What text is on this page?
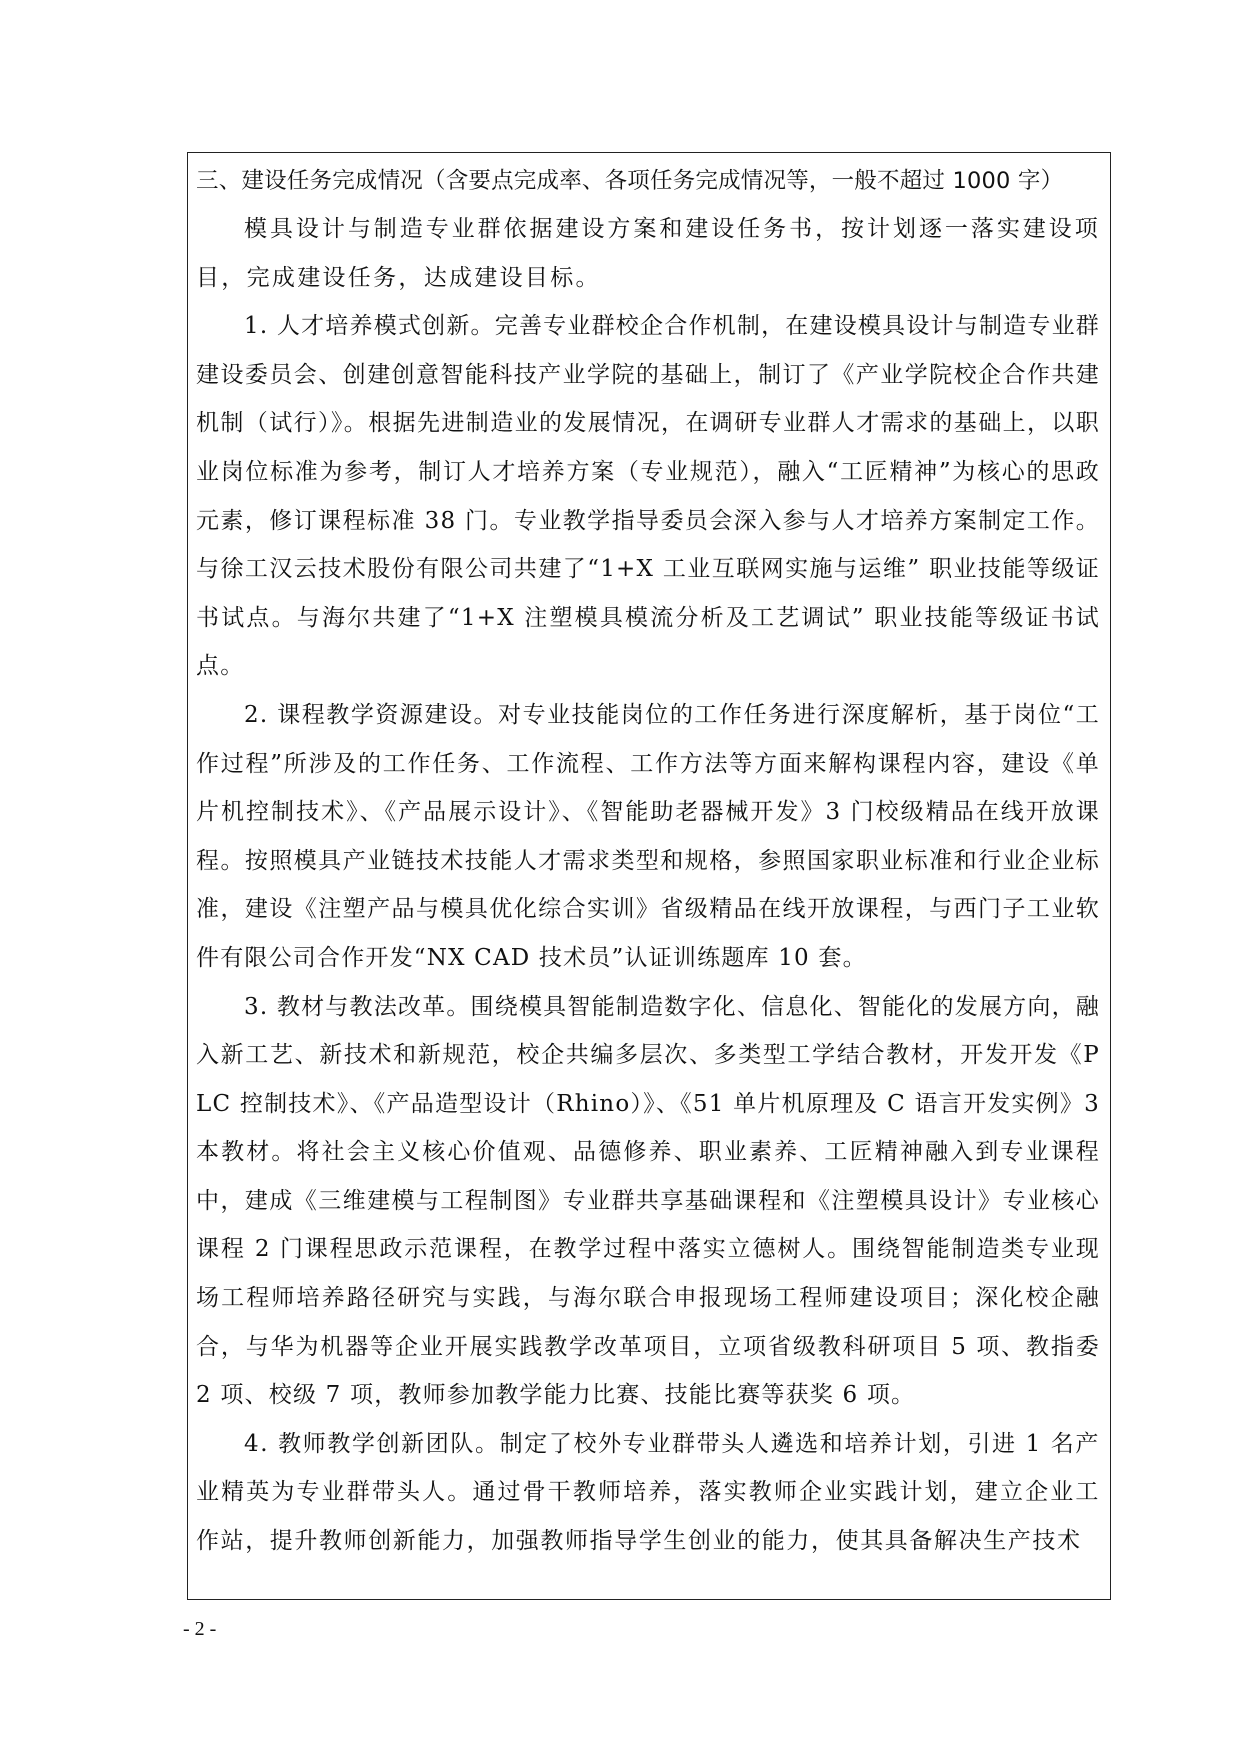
三、建设任务完成情况（含要点完成率、各项任务完成情况等，一般不超过 1000 字）

模具设计与制造专业群依据建设方案和建设任务书，按计划逐一落实建设项目，完成建设任务，达成建设目标。

1. 人才培养模式创新。完善专业群校企合作机制，在建设模具设计与制造专业群建设委员会、创建创意智能科技产业学院的基础上，制订了《产业学院校企合作共建机制（试行）》。根据先进制造业的发展情况，在调研专业群人才需求的基础上，以职业岗位标准为参考，制订人才培养方案（专业规范），融入“工匠精神”为核心的思政元素，修订课程标准 38 门。专业教学指导委员会深入参与人才培养方案制定工作。与徐工汉云技术股份有限公司共建了“1+X 工业互联网实施与运维” 职业技能等级证书试点。与海尔共建了“1+X 注塑模具模流分析及工艺调试” 职业技能等级证书试点。

2. 课程教学资源建设。对专业技能岗位的工作任务进行深度解析，基于岗位“工作过程”所涉及的工作任务、工作流程、工作方法等方面来解构课程内容，建设《单片机控制技术》、《产品展示设计》、《智能助老器械开发》3 门校级精品在线开放课程。按照模具产业链技术技能人才需求类型和规格，参照国家职业标准和行业企业标准，建设《注塑产品与模具优化综合实训》省级精品在线开放课程，与西门子工业软件有限公司合作开发“NX CAD 技术员”认证训练题库 10 套。

3. 教材与教法改革。围绕模具智能制造数字化、信息化、智能化的发展方向，融入新工艺、新技术和新规范，校企共编多层次、多类型工学结合教材，开发开发《PLC 控制技术》、《产品造型设计（Rhino）》、《51 单片机原理及 C 语言开发实例》3 本教材。将社会主义核心价值观、品德修养、职业素养、工匠精神融入到专业课程中，建成《三维建模与工程制图》专业群共享基础课程和《注塑模具设计》专业核心课程 2 门课程思政示范课程，在教学过程中落实立德树人。围绕智能制造类专业现场工程师培养路径研究与实践，与海尔联合申报现场工程师建设项目；深化校企融合，与华为机器等企业开展实践教学改革项目，立项省级教科研项目 5 项、教指委 2 项、校级 7 项，教师参加教学能力比赛、技能比赛等获奖 6 项。

4. 教师教学创新团队。制定了校外专业群带头人遴选和培养计划，引进 1 名产业精英为专业群带头人。通过骨干教师培养，落实教师企业实践计划，建立企业工作站，提升教师创新能力，加强教师指导学生创业的能力，使其具备解决生产技术

- 2 -
